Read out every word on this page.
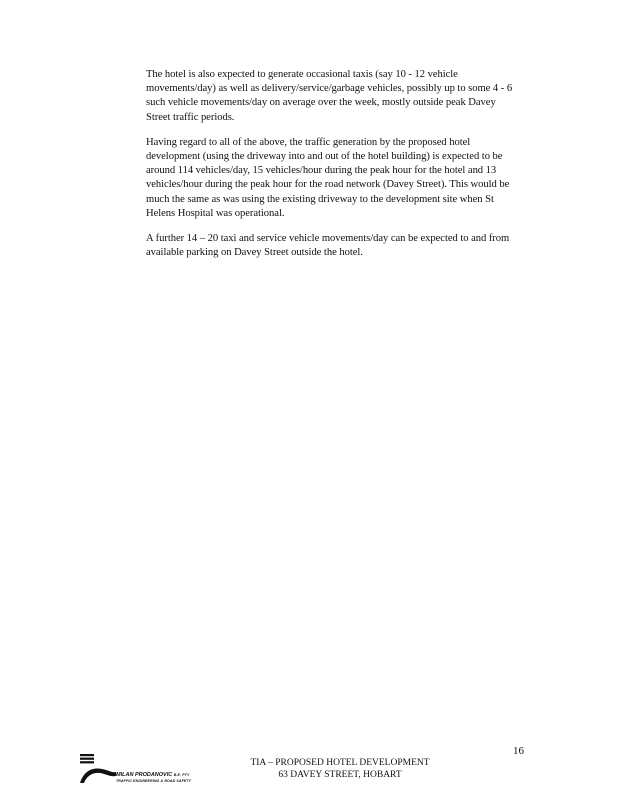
The hotel is also expected to generate occasional taxis (say 10 - 12 vehicle movements/day) as well as delivery/service/garbage vehicles, possibly up to some 4 - 6 such vehicle movements/day on average over the week, mostly outside peak Davey Street traffic periods.

Having regard to all of the above, the traffic generation by the proposed hotel development (using the driveway into and out of the hotel building) is expected to be around 114 vehicles/day, 15 vehicles/hour during the peak hour for the hotel and 13 vehicles/hour during the peak hour for the road network (Davey Street). This would be much the same as was using the existing driveway to the development site when St Helens Hospital was operational.

A further 14 – 20 taxi and service vehicle movements/day can be expected to and from available parking on Davey Street outside the hotel.

16
TIA – PROPOSED HOTEL DEVELOPMENT
63 DAVEY STREET, HOBART
MILAN PRODANOVIC B.E. PTY
TRAFFIC ENGINEERING & ROAD SAFETY
